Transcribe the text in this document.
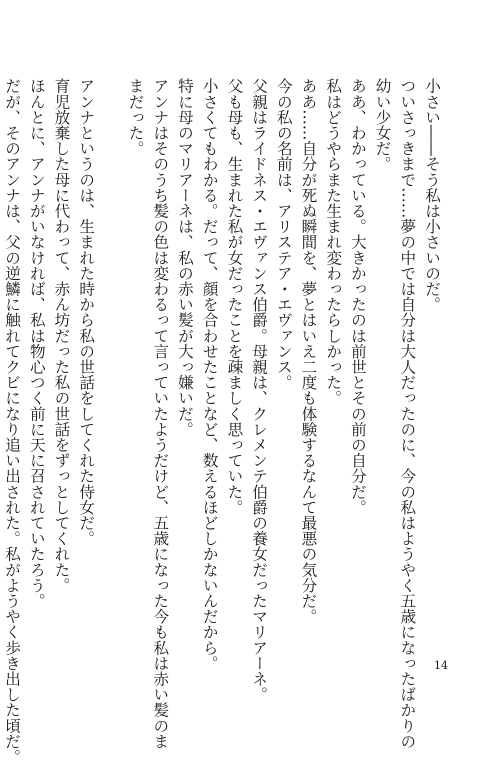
小さい――そう私は小さいのだ。
ついさっきまで……夢の中では自分は大人だったのに、今の私はようやく五歳になったばかりの
幼い少女だ。
ああ、わかっている。大きかったのは前世とその前の自分だ。
私はどうやらまた生まれ変わったらしかった。
ああ……自分が死ぬ瞬間を、夢とはいえ二度も体験するなんて最悪の気分だ。
今の私の名前は、アリステア・エヴァンス。
父親はライドネス・エヴァンス伯爵。母親は、クレメンテ伯爵の養女だったマリアーネ。
父も母も、生まれた私が女だったことを疎ましく思っていた。
小さくてもわかる。だって、顔を合わせたことなど、数えるほどしかないんだから。
特に母のマリアーネは、私の赤い髪が大っ嫌いだ。
アンナはそのうち髪の色は変わるって言っていたようだけど、五歳になった今も私は赤い髪のま
まだった。
アンナというのは、生まれた時から私の世話をしてくれた侍女だ。
育児放棄した母に代わって、赤ん坊だった私の世話をずっとしてくれた。
ほんとに、アンナがいなければ、私は物心つく前に天に召されていたろう。
だが、そのアンナは、父の逆鱗に触れてクビになり追い出された。私がようやく歩き出した頃だ。	14
